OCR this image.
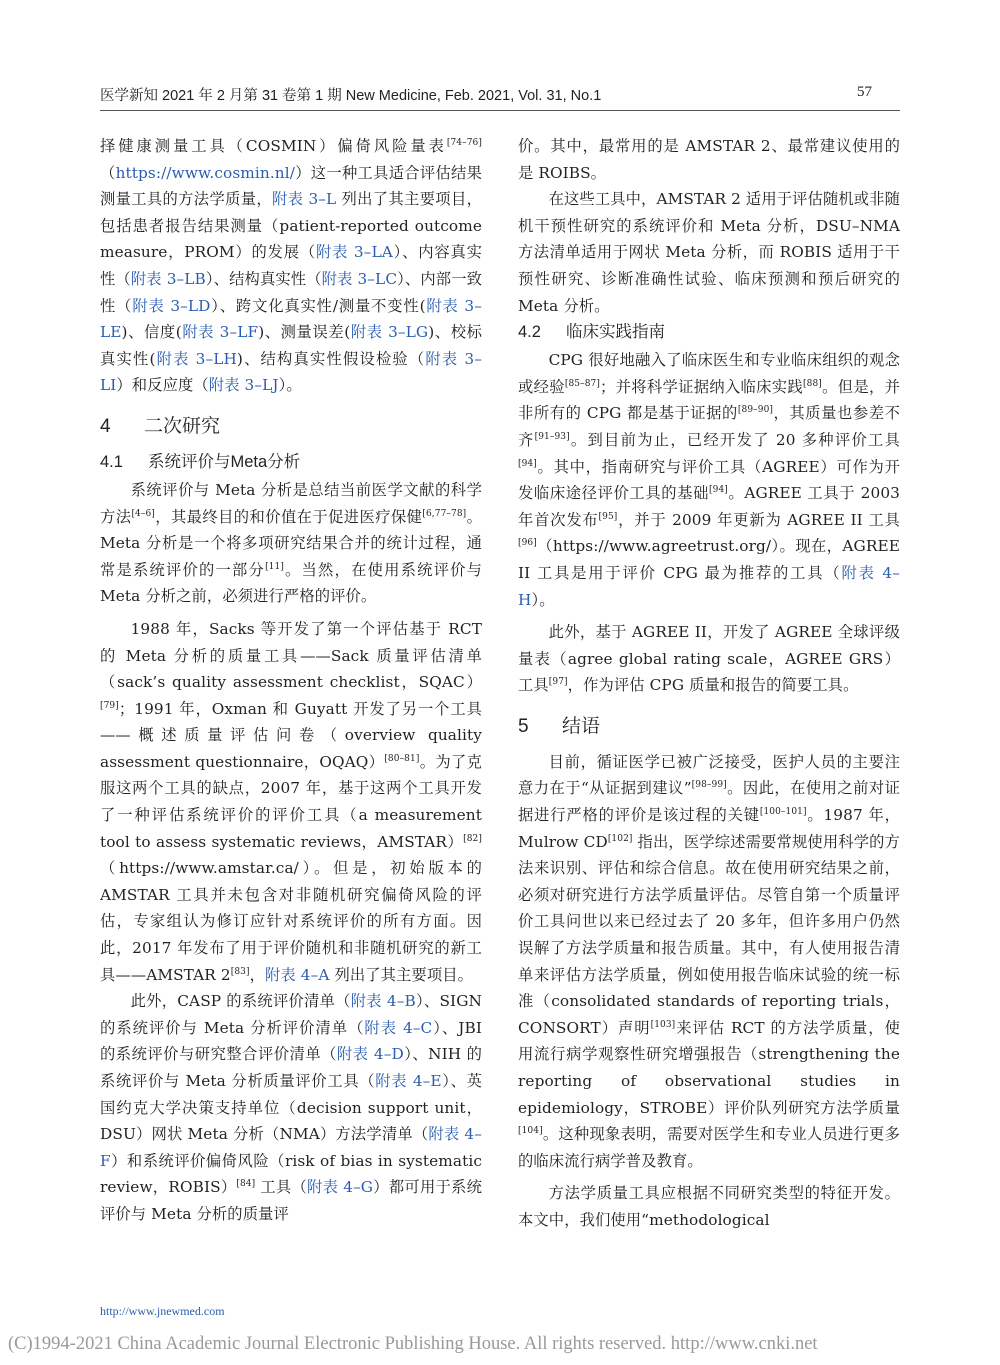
医学新知 2021 年 2 月第 31 卷第 1 期 New Medicine, Feb. 2021, Vol. 31, No.1	57

择健康测量工具（COSMIN）偏倚风险量表[74–76]（https://www.cosmin.nl/）这一种工具适合评估结果测量工具的方法学质量，附表 3–L 列出了其主要项目，包括患者报告结果测量（patient-reported outcome measure，PROM）的发展（附表 3–LA）、内容真实性（附表 3–LB）、结构真实性（附表 3–LC）、内部一致性（附表 3–LD）、跨文化真实性/测量不变性(附表 3–LE)、信度(附表 3–LF)、测量误差(附表 3–LG)、校标真实性(附表 3–LH)、结构真实性假设检验（附表 3–LI）和反应度（附表 3–LJ）。

4 二次研究
4.1 系统评价与Meta分析

系统评价与 Meta 分析是总结当前医学文献的科学方法[4–6]，其最终目的和价值在于促进医疗保健[6,77–78]。Meta 分析是一个将多项研究结果合并的统计过程，通常是系统评价的一部分[11]。当然，在使用系统评价与 Meta 分析之前，必须进行严格的评价。

1988 年，Sacks 等开发了第一个评估基于 RCT 的 Meta 分析的质量工具——Sack 质量评估清单（sack’s quality assessment checklist，SQAC）[79]；1991 年，Oxman 和 Guyatt 开发了另一个工具——概述质量评估问卷（overview quality assessment questionnaire，OQAQ）[80–81]。为了克服这两个工具的缺点，2007 年，基于这两个工具开发了一种评估系统评价的评价工具（a measurement tool to assess systematic reviews，AMSTAR）[82]（https://www.amstar.ca/）。但是，初始版本的 AMSTAR 工具并未包含对非随机研究偏倚风险的评估，专家组认为修订应针对系统评价的所有方面。因此，2017 年发布了用于评价随机和非随机研究的新工具——AMSTAR 2[83]，附表 4–A 列出了其主要项目。

此外，CASP 的系统评价清单（附表 4–B）、SIGN 的系统评价与 Meta 分析评价清单（附表 4–C）、JBI 的系统评价与研究整合评价清单（附表 4–D）、NIH 的系统评价与 Meta 分析质量评价工具（附表 4–E）、英国约克大学决策支持单位（decision support unit，DSU）网状 Meta 分析（NMA）方法学清单（附表 4–F）和系统评价偏倚风险（risk of bias in systematic review，ROBIS）[84] 工具（附表 4–G）都可用于系统评价与 Meta 分析的质量评

价。其中，最常用的是 AMSTAR 2、最常建议使用的是 ROIBS。

在这些工具中，AMSTAR 2 适用于评估随机或非随机干预性研究的系统评价和 Meta 分析，DSU–NMA 方法清单适用于网状 Meta 分析，而 ROBIS 适用于干预性研究、诊断准确性试验、临床预测和预后研究的 Meta 分析。

4.2 临床实践指南

CPG 很好地融入了临床医生和专业临床组织的观念或经验[85–87]；并将科学证据纳入临床实践[88]。但是，并非所有的 CPG 都是基于证据的[89–90]，其质量也参差不齐[91–93]。到目前为止，已经开发了 20 多种评价工具[94]。其中，指南研究与评价工具（AGREE）可作为开发临床途径评价工具的基础[94]。AGREE 工具于 2003 年首次发布[95]，并于 2009 年更新为 AGREE II 工具[96]（https://www.agreetrust.org/）。现在，AGREE II 工具是用于评价 CPG 最为推荐的工具（附表 4–H）。

此外，基于 AGREE II，开发了 AGREE 全球评级量表（agree global rating scale，AGREE GRS）工具[97]，作为评估 CPG 质量和报告的简要工具。

5 结语

目前，循证医学已被广泛接受，医护人员的主要注意力在于“从证据到建议”[98–99]。因此，在使用之前对证据进行严格的评价是该过程的关键[100–101]。1987 年，Mulrow CD[102] 指出，医学综述需要常规使用科学的方法来识别、评估和综合信息。故在使用研究结果之前，必须对研究进行方法学质量评估。尽管自第一个质量评价工具问世以来已经过去了 20 多年，但许多用户仍然误解了方法学质量和报告质量。其中，有人使用报告清单来评估方法学质量，例如使用报告临床试验的统一标准（consolidated standards of reporting trials，CONSORT）声明[103]来评估 RCT 的方法学质量，使用流行病学观察性研究增强报告（strengthening the reporting of observational studies in epidemiology，STROBE）评价队列研究方法学质量[104]。这种现象表明，需要对医学生和专业人员进行更多的临床流行病学普及教育。

方法学质量工具应根据不同研究类型的特征开发。本文中，我们使用“methodological

http://www.jnewmed.com
(C)1994-2021 China Academic Journal Electronic Publishing House. All rights reserved. http://www.cnki.net
